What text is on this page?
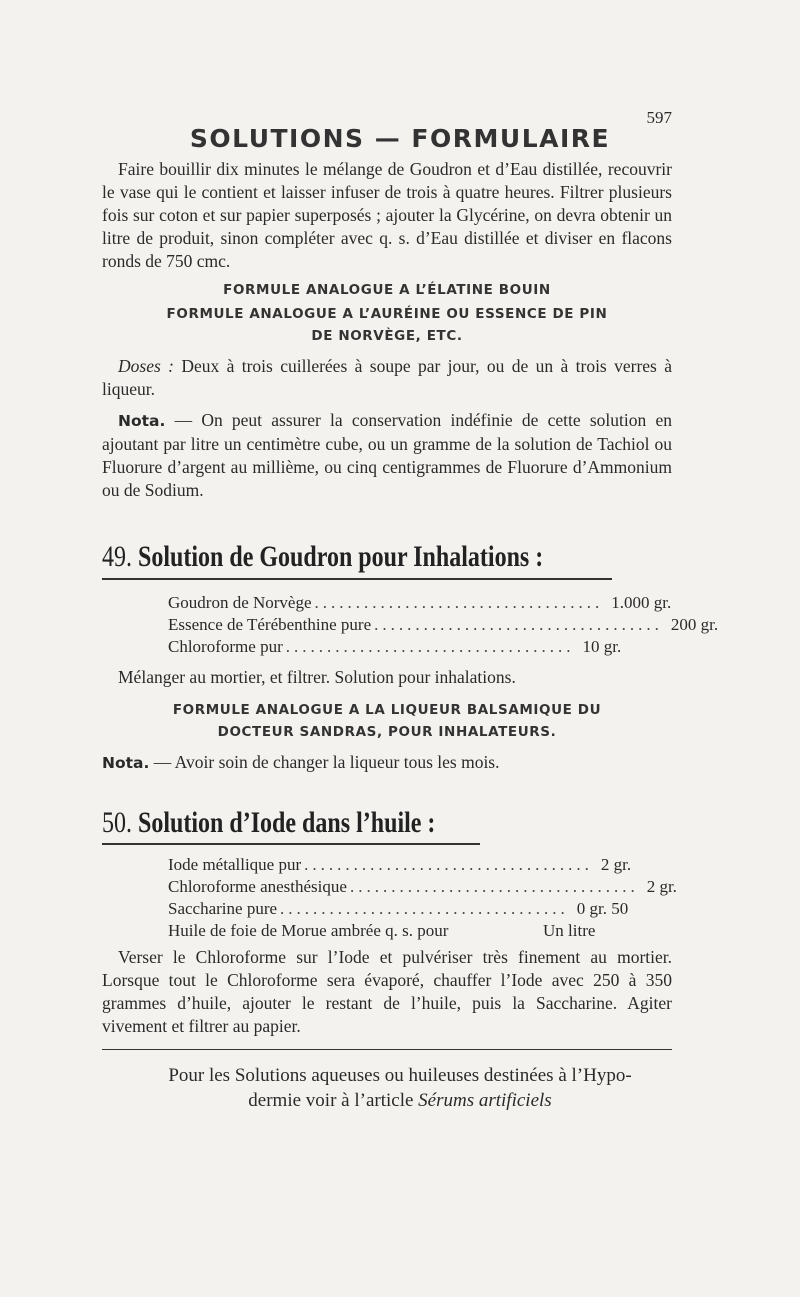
597
SOLUTIONS — FORMULAIRE

Faire bouillir dix minutes le mélange de Goudron et d’Eau distillée, recouvrir le vase qui le contient et laisser infuser de trois à quatre heures. Filtrer plusieurs fois sur coton et sur papier superposés ; ajouter la Glycérine, on devra obtenir un litre de produit, sinon compléter avec q. s. d’Eau distillée et diviser en flacons ronds de 750 cmc.

FORMULE ANALOGUE A L’ÉLATINE BOUIN
FORMULE ANALOGUE A L’AURÉINE OU ESSENCE DE PIN
DE NORVÈGE, ETC.

Doses : Deux à trois cuillerées à soupe par jour, ou de un à trois verres à liqueur.

Nota. — On peut assurer la conservation indéfinie de cette solution en ajoutant par litre un centimètre cube, ou un gramme de la solution de Tachiol ou Fluorure d’argent au millième, ou cinq centigrammes de Fluorure d’Ammonium ou de Sodium.

49. Solution de Goudron pour Inhalations :
Goudron de Norvège ................................... 1.000 gr.
Essence de Térébenthine pure ................................... 200 gr.
Chloroforme pur ................................... 10 gr.

Mélanger au mortier, et filtrer. Solution pour inhalations.

FORMULE ANALOGUE A LA LIQUEUR BALSAMIQUE DU
DOCTEUR SANDRAS, POUR INHALATEURS.

Nota. — Avoir soin de changer la liqueur tous les mois.

50. Solution d’Iode dans l’huile :
Iode métallique pur ................................... 2 gr.
Chloroforme anesthésique ................................... 2 gr.
Saccharine pure ................................... 0 gr. 50
Huile de foie de Morue ambrée q. s. pour	Un litre

Verser le Chloroforme sur l’Iode et pulvériser très finement au mortier. Lorsque tout le Chloroforme sera évaporé, chauffer l’Iode avec 250 à 350 grammes d’huile, ajouter le restant de l’huile, puis la Saccharine. Agiter vivement et filtrer au papier.

Pour les Solutions aqueuses ou huileuses destinées à l’Hypo-
dermie voir à l’article Sérums artificiels
